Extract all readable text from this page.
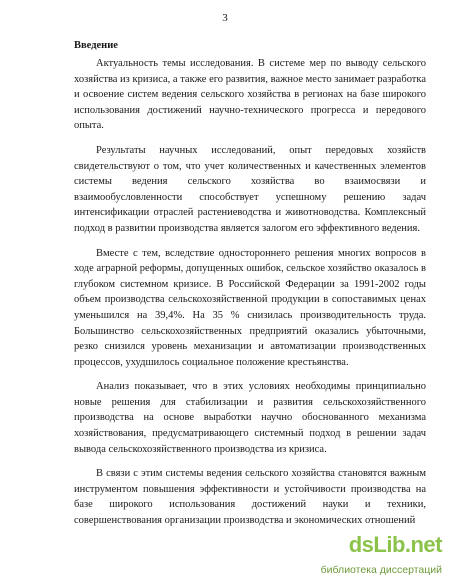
3
Введение

Актуальность темы исследования. В системе мер по выводу сельского хозяйства из кризиса, а также его развития, важное место занимает разработка и освоение систем ведения сельского хозяйства в регионах на базе широкого использования достижений научно-технического прогресса и передового опыта.

Результаты научных исследований, опыт передовых хозяйств свидетельствуют о том, что учет количественных и качественных элементов системы ведения сельского хозяйства во взаимосвязи и взаимообусловленности способствует успешному решению задач интенсификации отраслей растениеводства и животноводства. Комплексный подход в развитии производства является залогом его эффективного ведения.

Вместе с тем, вследствие одностороннего решения многих вопросов в ходе аграрной реформы, допущенных ошибок, сельское хозяйство оказалось в глубоком системном кризисе. В Российской Федерации за 1991-2002 годы объем производства сельскохозяйственной продукции в сопоставимых ценах уменьшился на 39,4%. На 35 % снизилась производительность труда. Большинство сельскохозяйственных предприятий оказались убыточными, резко снизился уровень механизации и автоматизации производственных процессов, ухудшилось социальное положение крестьянства.

Анализ показывает, что в этих условиях необходимы принципиально новые решения для стабилизации и развития сельскохозяйственного производства на основе выработки научно обоснованного механизма хозяйствования, предусматривающего системный подход в решении задач вывода сельскохозяйственного производства из кризиса.

В связи с этим системы ведения сельского хозяйства становятся важным инструментом повышения эффективности и устойчивости производства на базе широкого использования достижений науки и техники, совершенствования организации производства и экономических отношений

dsLib.net
библиотека диссертаций
